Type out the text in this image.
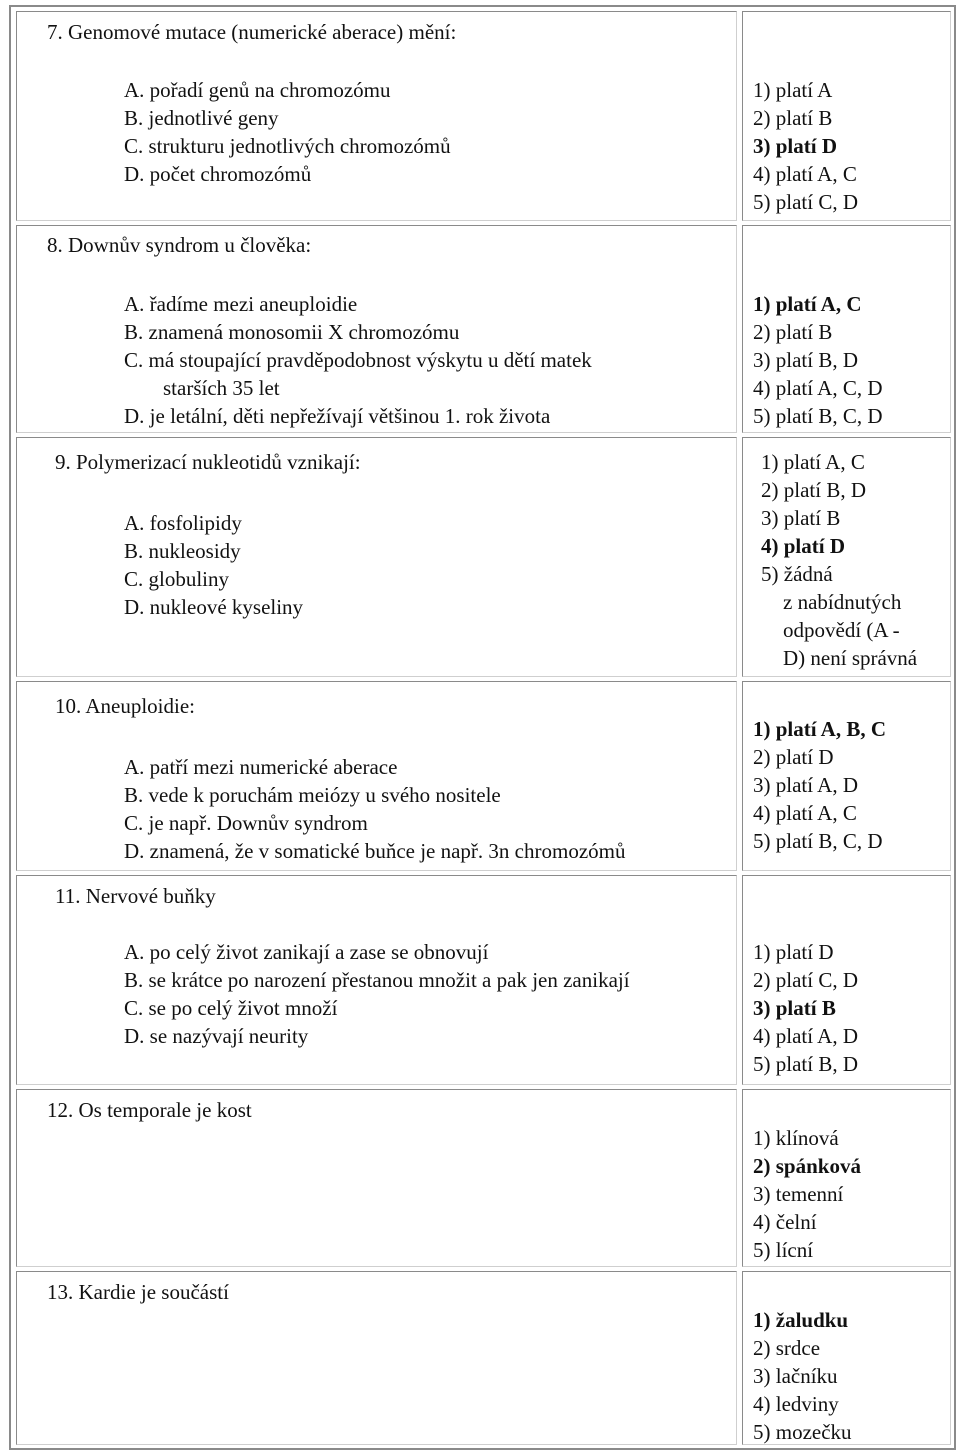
7. Genomové mutace (numerické aberace) mění:
A. pořadí genů na chromozómu
B. jednotlivé geny
C. strukturu jednotlivých chromozómů
D. počet chromozómů
1) platí A
2) platí B
3) platí D
4) platí A, C
5) platí C, D
8. Downův syndrom u člověka:
A. řadíme mezi aneuploidie
B. znamená monosomii X chromozómu
C. má stoupající pravděpodobnost výskytu u dětí matek
starších 35 let
D. je letální, děti nepřežívají většinou 1. rok života
1) platí A, C
2) platí B
3) platí B, D
4) platí A, C, D
5) platí B, C, D
9. Polymerizací nukleotidů vznikají:
A. fosfolipidy
B. nukleosidy
C. globuliny
D. nukleové kyseliny
1) platí A, C
2) platí B, D
3) platí B
4) platí D
5) žádná
z nabídnutých
odpovědí (A -
D) není správná
10. Aneuploidie:
A. patří mezi numerické aberace
B. vede k poruchám meiózy u svého nositele
C. je např. Downův syndrom
D. znamená, že v somatické buňce je např. 3n chromozómů
1) platí A, B, C
2) platí D
3) platí A, D
4) platí A, C
5) platí B, C, D
11. Nervové buňky
A. po celý život zanikají a zase se obnovují
B. se krátce po narození přestanou množit a pak jen zanikají
C. se po celý život množí
D. se nazývají neurity
1) platí D
2) platí C, D
3) platí B
4) platí A, D
5) platí B, D
12. Os temporale je kost
1) klínová
2) spánková
3) temenní
4) čelní
5) lícní
13. Kardie je součástí
1) žaludku
2) srdce
3) lačníku
4) ledviny
5) mozečku
